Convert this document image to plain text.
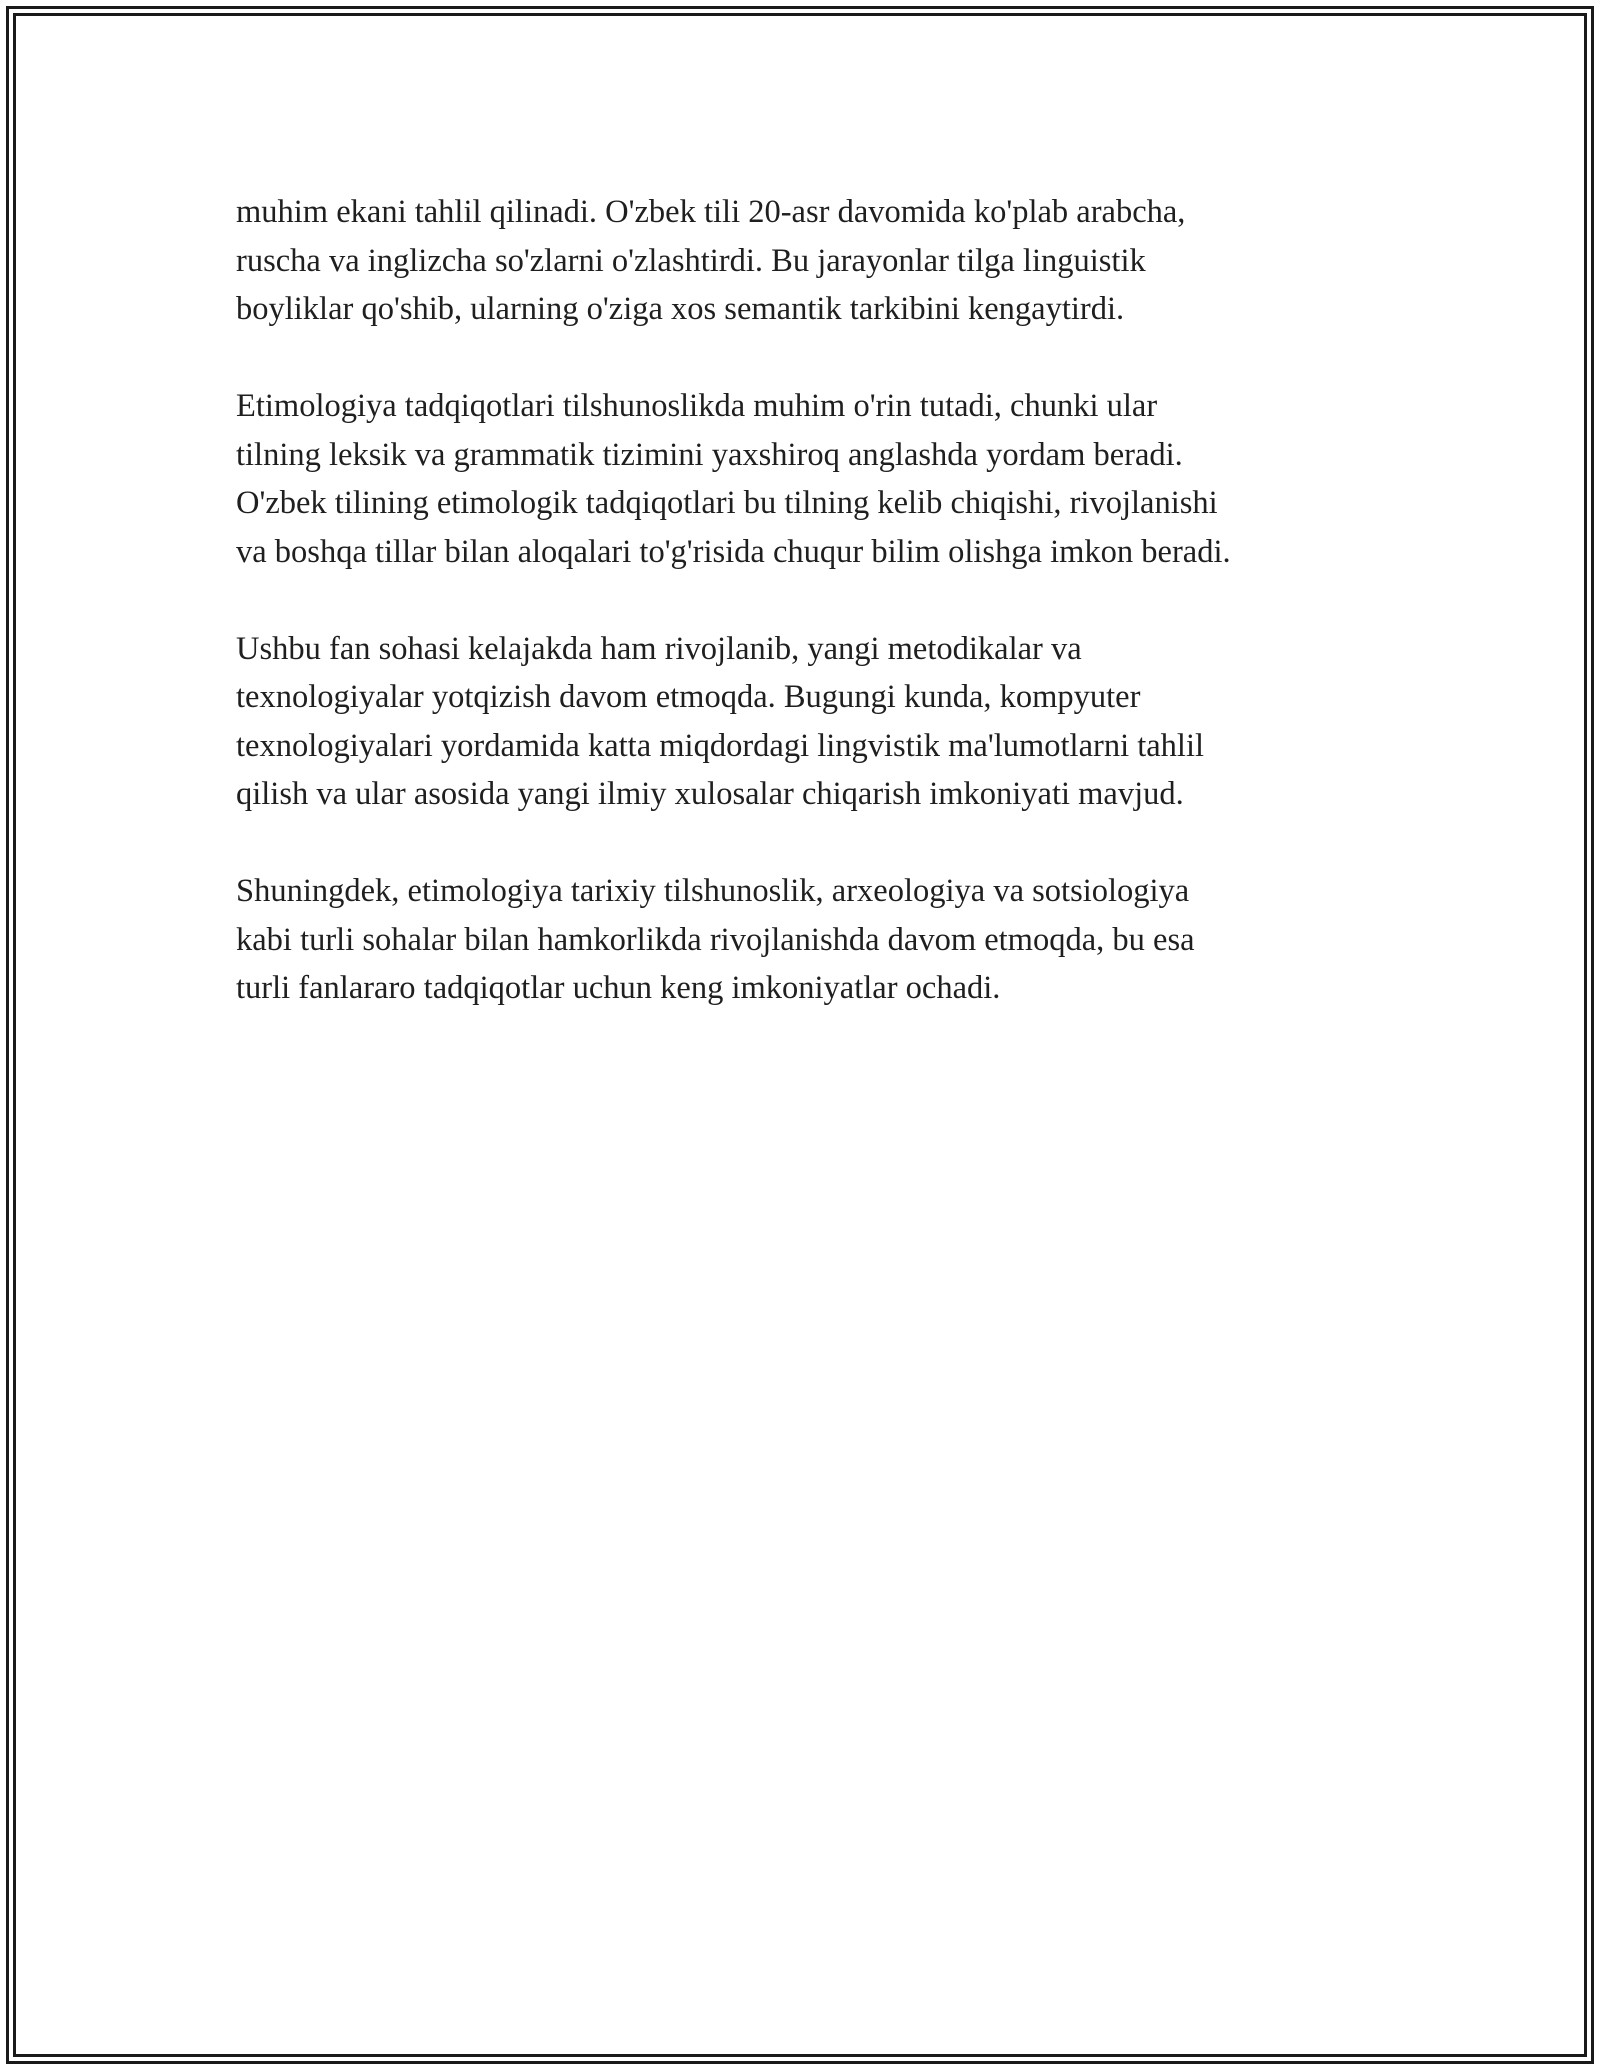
muhim ekani tahlil qilinadi. O'zbek tili 20-asr davomida ko'plab arabcha,
ruscha va inglizcha so'zlarni o'zlashtirdi. Bu jarayonlar tilga linguistik
boyliklar qo'shib, ularning o'ziga xos semantik tarkibini kengaytirdi.

Etimologiya tadqiqotlari tilshunoslikda muhim o'rin tutadi, chunki ular
tilning leksik va grammatik tizimini yaxshiroq anglashda yordam beradi.
O'zbek tilining etimologik tadqiqotlari bu tilning kelib chiqishi, rivojlanishi
va boshqa tillar bilan aloqalari to'g'risida chuqur bilim olishga imkon beradi.

Ushbu fan sohasi kelajakda ham rivojlanib, yangi metodikalar va
texnologiyalar yotqizish davom etmoqda. Bugungi kunda, kompyuter
texnologiyalari yordamida katta miqdordagi lingvistik ma'lumotlarni tahlil
qilish va ular asosida yangi ilmiy xulosalar chiqarish imkoniyati mavjud.

Shuningdek, etimologiya tarixiy tilshunoslik, arxeologiya va sotsiologiya
kabi turli sohalar bilan hamkorlikda rivojlanishda davom etmoqda, bu esa
turli fanlararo tadqiqotlar uchun keng imkoniyatlar ochadi.
